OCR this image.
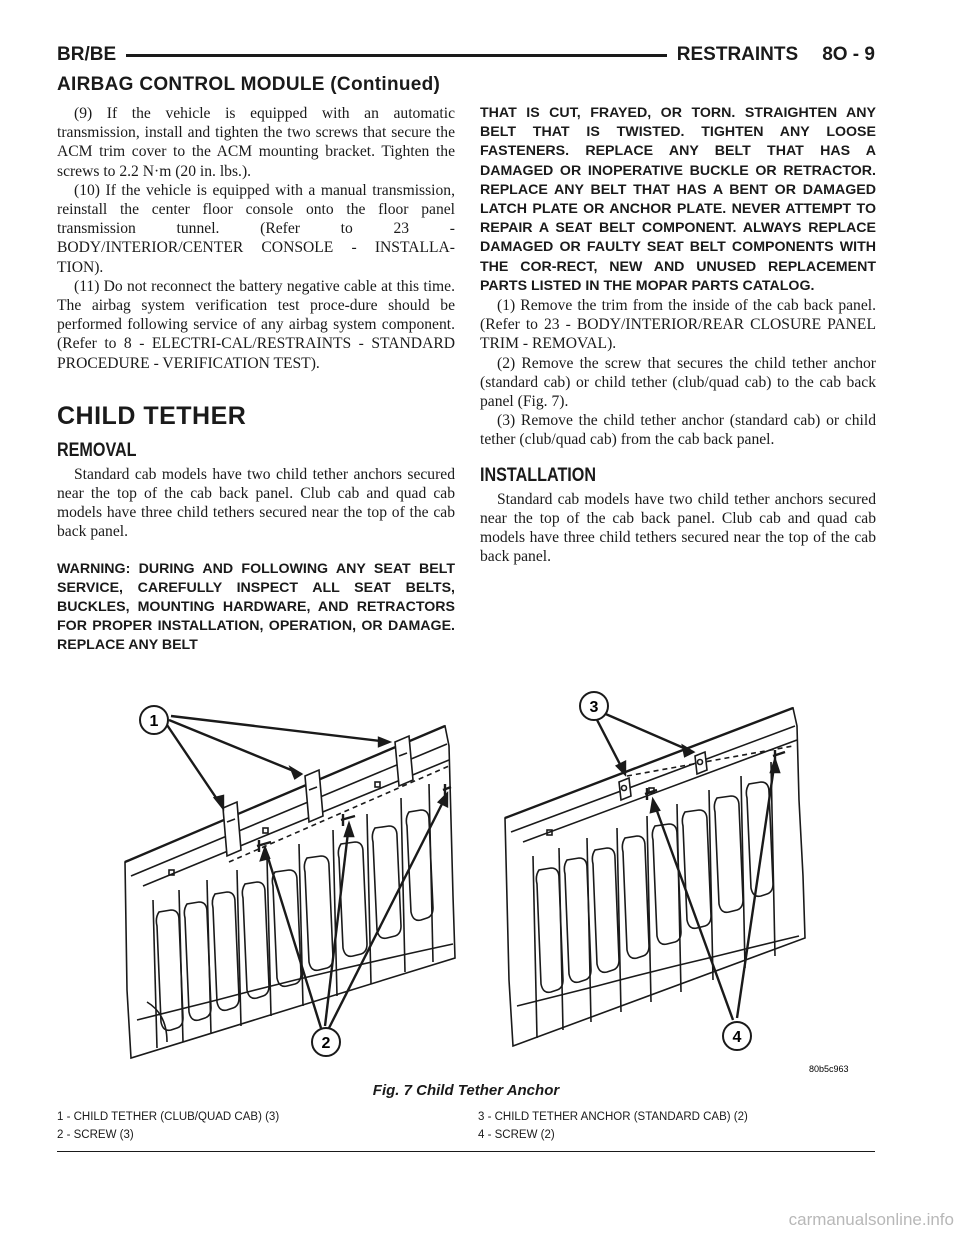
BR/BE	RESTRAINTS 8O - 9
AIRBAG CONTROL MODULE (Continued)

(9) If the vehicle is equipped with an automatic transmission, install and tighten the two screws that secure the ACM trim cover to the ACM mounting bracket. Tighten the screws to 2.2 N·m (20 in. lbs.).

(10) If the vehicle is equipped with a manual transmission, reinstall the center floor console onto the floor panel transmission tunnel. (Refer to 23 - BODY/INTERIOR/CENTER CONSOLE - INSTALLA-TION).

(11) Do not reconnect the battery negative cable at this time. The airbag system verification test proce-dure should be performed following service of any airbag system component. (Refer to 8 - ELECTRI-CAL/RESTRAINTS - STANDARD PROCEDURE - VERIFICATION TEST).

CHILD TETHER
REMOVAL

Standard cab models have two child tether anchors secured near the top of the cab back panel. Club cab and quad cab models have three child tethers secured near the top of the cab back panel.

WARNING: DURING AND FOLLOWING ANY SEAT BELT SERVICE, CAREFULLY INSPECT ALL SEAT BELTS, BUCKLES, MOUNTING HARDWARE, AND RETRACTORS FOR PROPER INSTALLATION, OPERATION, OR DAMAGE. REPLACE ANY BELT

THAT IS CUT, FRAYED, OR TORN. STRAIGHTEN ANY BELT THAT IS TWISTED. TIGHTEN ANY LOOSE FASTENERS. REPLACE ANY BELT THAT HAS A DAMAGED OR INOPERATIVE BUCKLE OR RETRACTOR. REPLACE ANY BELT THAT HAS A BENT OR DAMAGED LATCH PLATE OR ANCHOR PLATE. NEVER ATTEMPT TO REPAIR A SEAT BELT COMPONENT. ALWAYS REPLACE DAMAGED OR FAULTY SEAT BELT COMPONENTS WITH THE COR-RECT, NEW AND UNUSED REPLACEMENT PARTS LISTED IN THE MOPAR PARTS CATALOG.

(1) Remove the trim from the inside of the cab back panel. (Refer to 23 - BODY/INTERIOR/REAR CLOSURE PANEL TRIM - REMOVAL).

(2) Remove the screw that secures the child tether anchor (standard cab) or child tether (club/quad cab) to the cab back panel (Fig. 7).

(3) Remove the child tether anchor (standard cab) or child tether (club/quad cab) from the cab back panel.

INSTALLATION

Standard cab models have two child tether anchors secured near the top of the cab back panel. Club cab and quad cab models have three child tethers secured near the top of the cab back panel.

1
2
3
4
80b5c963
Fig. 7 Child Tether Anchor
1 - CHILD TETHER (CLUB/QUAD CAB) (3)
2 - SCREW (3)
3 - CHILD TETHER ANCHOR (STANDARD CAB) (2)
4 - SCREW (2)
carmanualsonline.info
